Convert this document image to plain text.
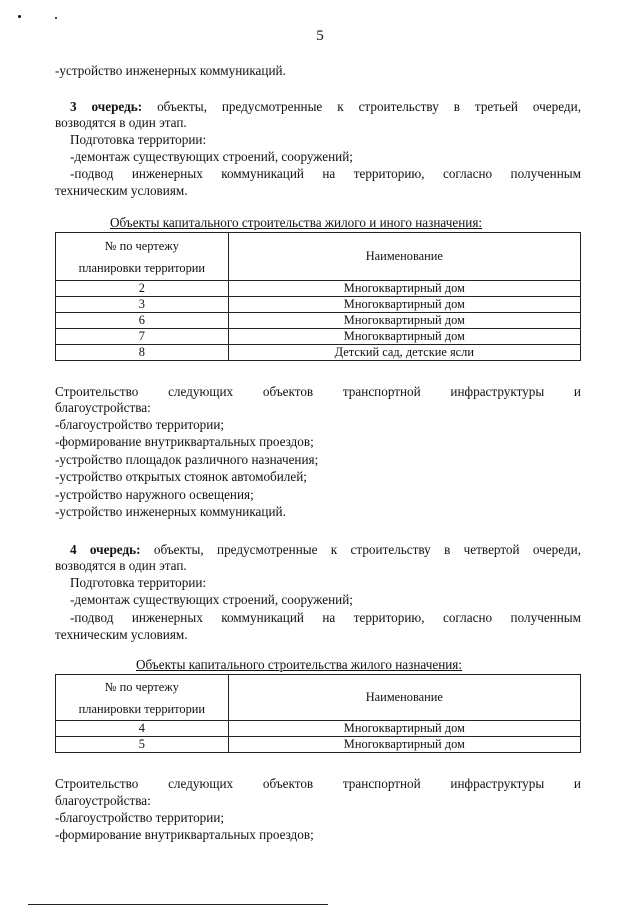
5
-устройство инженерных коммуникаций.
3 очередь: объекты, предусмотренные к строительству в третьей очереди,
возводятся в один этап.
Подготовка территории:
-демонтаж существующих строений, сооружений;
-подвод инженерных коммуникаций на территорию, согласно полученным
техническим условиям.
Объекты капитального строительства жилого и иного назначения:
№ по чертежу
планировки территории	Наименование
2	Многоквартирный дом
3	Многоквартирный дом
6	Многоквартирный дом
7	Многоквартирный дом
8	Детский сад, детские ясли
Строительство следующих объектов транспортной инфраструктуры и
благоустройства:
-благоустройство территории;
-формирование внутриквартальных проездов;
-устройство площадок различного назначения;
-устройство открытых стоянок автомобилей;
-устройство наружного освещения;
-устройство инженерных коммуникаций.
4 очередь: объекты, предусмотренные к строительству в четвертой очереди,
возводятся в один этап.
Подготовка территории:
-демонтаж существующих строений, сооружений;
-подвод инженерных коммуникаций на территорию, согласно полученным
техническим условиям.
Объекты капитального строительства жилого назначения:
№ по чертежу
планировки территории	Наименование
4	Многоквартирный дом
5	Многоквартирный дом
Строительство следующих объектов транспортной инфраструктуры и
благоустройства:
-благоустройство территории;
-формирование внутриквартальных проездов;
